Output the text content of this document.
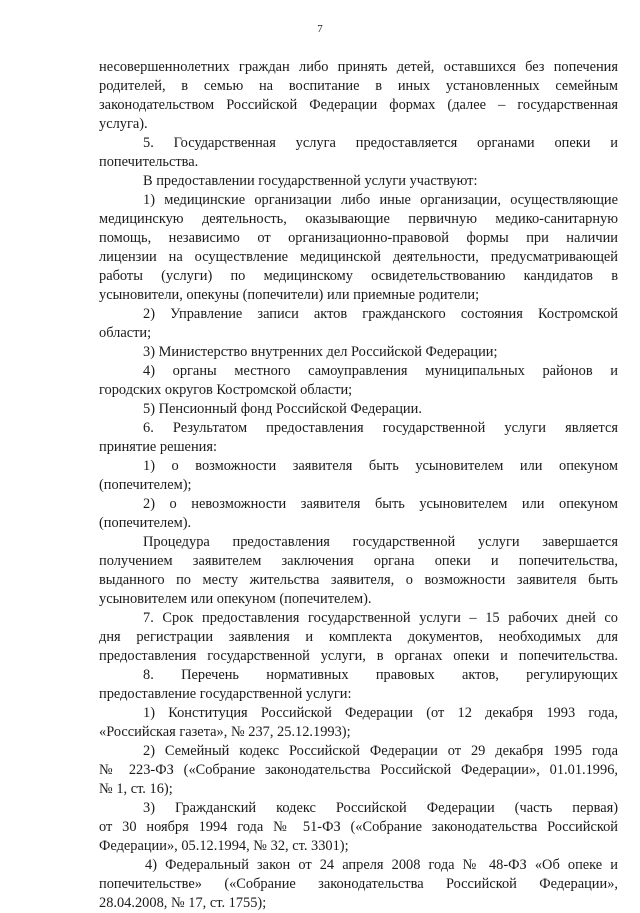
7
несовершеннолетних граждан либо принять детей, оставшихся без попечения
родителей, в семью на воспитание в иных установленных семейным
законодательством Российской Федерации формах (далее – государственная
услуга).
5. Государственная услуга предоставляется органами опеки и
попечительства.
В предоставлении государственной услуги участвуют:
1) медицинские организации либо иные организации, осуществляющие
медицинскую деятельность, оказывающие первичную медико-санитарную
помощь, независимо от организационно-правовой формы при наличии
лицензии на осуществление медицинской деятельности, предусматривающей
работы (услуги) по медицинскому освидетельствованию кандидатов в
усыновители, опекуны (попечители) или приемные родители;
2) Управление записи актов гражданского состояния Костромской
области;
3) Министерство внутренних дел Российской Федерации;
4) органы местного самоуправления муниципальных районов и
городских округов Костромской области;
5) Пенсионный фонд Российской Федерации.
6. Результатом предоставления государственной услуги является
принятие решения:
1) о возможности заявителя быть усыновителем или опекуном
(попечителем);
2) о невозможности заявителя быть усыновителем или опекуном
(попечителем).
Процедура предоставления государственной услуги завершается
получением заявителем заключения органа опеки и попечительства,
выданного по месту жительства заявителя, о возможности заявителя быть
усыновителем или опекуном (попечителем).
7. Срок предоставления государственной услуги – 15 рабочих дней со
дня регистрации заявления и комплекта документов, необходимых для
предоставления государственной услуги, в органах опеки и попечительства.
8. Перечень нормативных правовых актов, регулирующих
предоставление государственной услуги:
1) Конституция Российской Федерации (от 12 декабря 1993 года,
«Российская газета», № 237, 25.12.1993);
2) Семейный кодекс Российской Федерации от 29 декабря 1995 года
№ 223-ФЗ («Собрание законодательства Российской Федерации», 01.01.1996,
№ 1, ст. 16);
3) Гражданский кодекс Российской Федерации (часть первая)
от 30 ноября 1994 года № 51-ФЗ («Собрание законодательства Российской
Федерации», 05.12.1994, № 32, ст. 3301);
4) Федеральный закон от 24 апреля 2008 года № 48-ФЗ «Об опеке и
попечительстве» («Собрание законодательства Российской Федерации»,
28.04.2008, № 17, ст. 1755);
